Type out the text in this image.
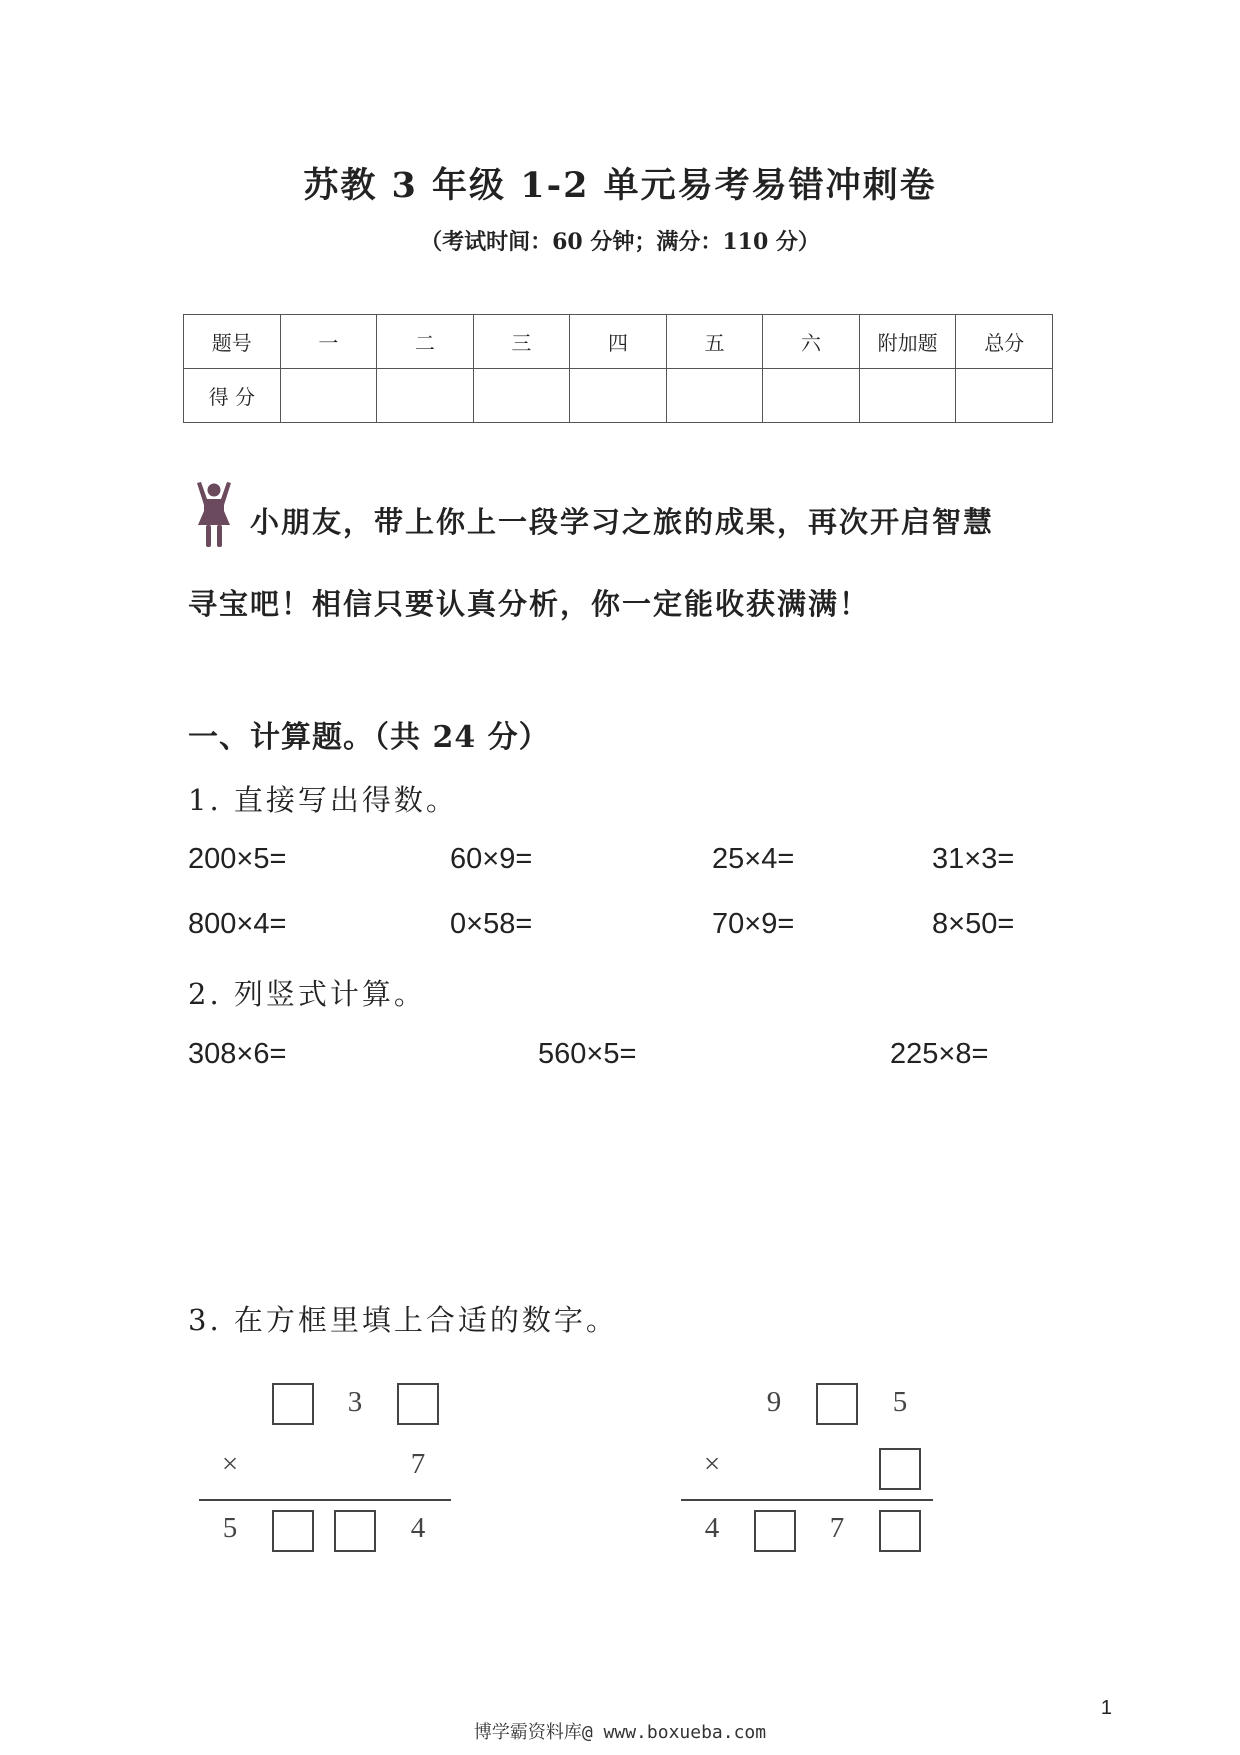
苏教 3 年级 1-2 单元易考易错冲刺卷
（考试时间：60 分钟；满分：110 分）
题号	一	二	三	四	五	六	附加题	总分
得 分								
小朋友，带上你上一段学习之旅的成果，再次开启智慧
寻宝吧！相信只要认真分析，你一定能收获满满！
一、计算题。（共 24 分）
1. 直接写出得数。
200×5=	60×9=	25×4=	31×3=
800×4=	0×58=	70×9=	8×50=
2. 列竖式计算。
308×6=	560×5=	225×8=
3. 在方框里填上合适的数字。
3
×	7
5	4
9	5
×
4	7
1
博学霸资料库@ www.boxueba.com
